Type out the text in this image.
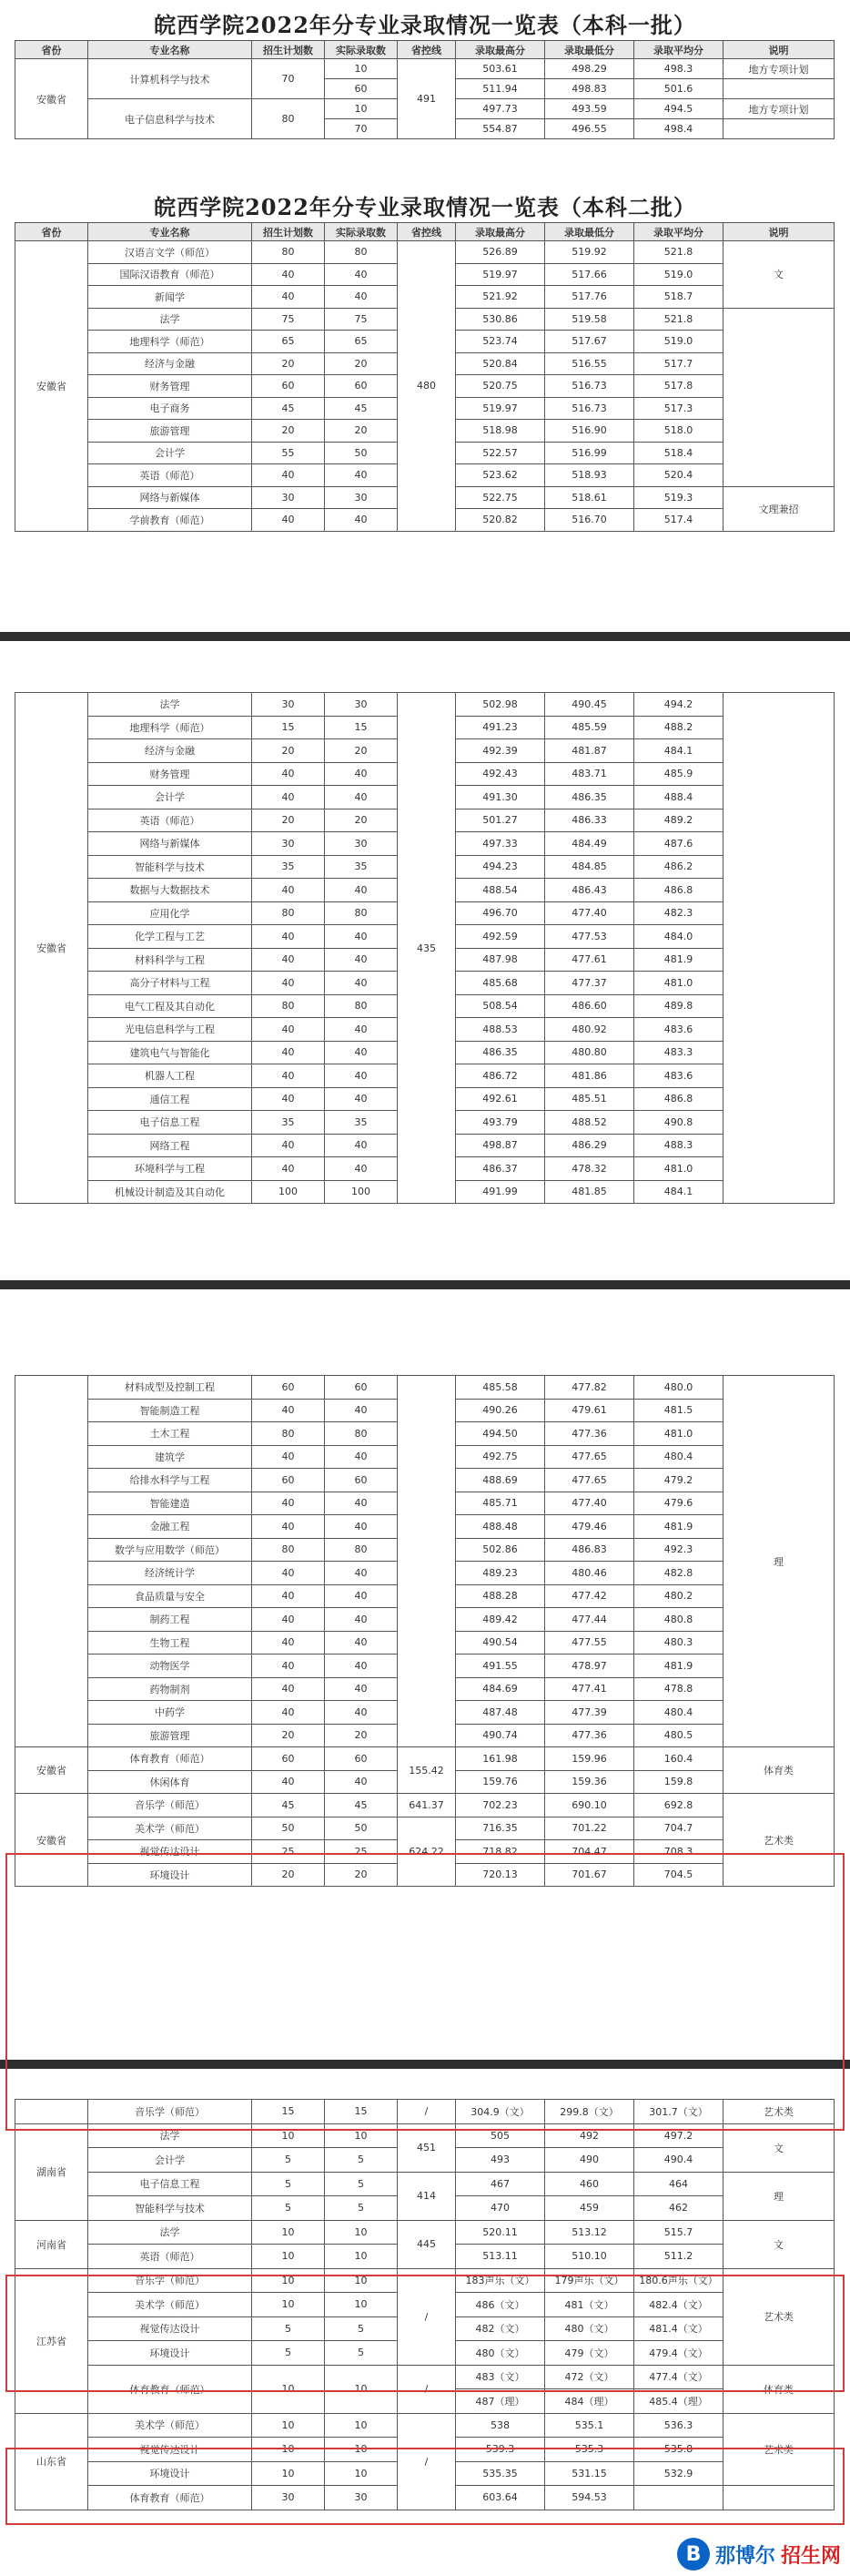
皖西学院2022年分专业录取情况一览表（本科一批）
省份	专业名称	招生计划数	实际录取数	省控线	录取最高分	录取最低分	录取平均分	说明
安徽省	计算机科学与技术	70	10	491	503.61	498.29	498.3	地方专项计划
			60		511.94	498.83	501.6	
	电子信息科学与技术	80	10		497.73	493.59	494.5	地方专项计划
			70		554.87	496.55	498.4	
皖西学院2022年分专业录取情况一览表（本科二批）
省份	专业名称	招生计划数	实际录取数	省控线	录取最高分	录取最低分	录取平均分	说明
安徽省	汉语言文学（师范）	80	80	480	526.89	519.92	521.8	文
	国际汉语教育（师范）	40	40		519.97	517.66	519.0	
	新闻学	40	40		521.92	517.76	518.7	
	法学	75	75		530.86	519.58	521.8	
	地理科学（师范）	65	65		523.74	517.67	519.0	
	经济与金融	20	20		520.84	516.55	517.7	
	财务管理	60	60		520.75	516.73	517.8	
	电子商务	45	45		519.97	516.73	517.3	
	旅游管理	20	20		518.98	516.90	518.0	
	会计学	55	50		522.57	516.99	518.4	
	英语（师范）	40	40		523.62	518.93	520.4	
	网络与新媒体	30	30		522.75	518.61	519.3	文理兼招
	学前教育（师范）	40	40		520.82	516.70	517.4	
安徽省	法学	30	30	435	502.98	490.45	494.2	
	地理科学（师范）	15	15		491.23	485.59	488.2	
	经济与金融	20	20		492.39	481.87	484.1	
	财务管理	40	40		492.43	483.71	485.9	
	会计学	40	40		491.30	486.35	488.4	
	英语（师范）	20	20		501.27	486.33	489.2	
	网络与新媒体	30	30		497.33	484.49	487.6	
	智能科学与技术	35	35		494.23	484.85	486.2	
	数据与大数据技术	40	40		488.54	486.43	486.8	
	应用化学	80	80		496.70	477.40	482.3	
	化学工程与工艺	40	40		492.59	477.53	484.0	
	材料科学与工程	40	40		487.98	477.61	481.9	
	高分子材料与工程	40	40		485.68	477.37	481.0	
	电气工程及其自动化	80	80		508.54	486.60	489.8	
	光电信息科学与工程	40	40		488.53	480.92	483.6	
	建筑电气与智能化	40	40		486.35	480.80	483.3	
	机器人工程	40	40		486.72	481.86	483.6	
	通信工程	40	40		492.61	485.51	486.8	
	电子信息工程	35	35		493.79	488.52	490.8	
	网络工程	40	40		498.87	486.29	488.3	
	环境科学与工程	40	40		486.37	478.32	481.0	
	机械设计制造及其自动化	100	100		491.99	481.85	484.1	
	材料成型及控制工程	60	60		485.58	477.82	480.0	理
	智能制造工程	40	40		490.26	479.61	481.5	
	土木工程	80	80		494.50	477.36	481.0	
	建筑学	40	40		492.75	477.65	480.4	
	给排水科学与工程	60	60		488.69	477.65	479.2	
	智能建造	40	40		485.71	477.40	479.6	
	金融工程	40	40		488.48	479.46	481.9	
	数学与应用数学（师范）	80	80		502.86	486.83	492.3	
	经济统计学	40	40		489.23	480.46	482.8	
	食品质量与安全	40	40		488.28	477.42	480.2	
	制药工程	40	40		489.42	477.44	480.8	
	生物工程	40	40		490.54	477.55	480.3	
	动物医学	40	40		491.55	478.97	481.9	
	药物制剂	40	40		484.69	477.41	478.8	
	中药学	40	40		487.48	477.39	480.4	
	旅游管理	20	20		490.74	477.36	480.5	
安徽省	体育教育（师范）	60	60	155.42	161.98	159.96	160.4	体育类
	休闲体育	40	40		159.76	159.36	159.8	
安徽省	音乐学（师范）	45	45	641.37	702.23	690.10	692.8	艺术类
	美术学（师范）	50	50	624.22	716.35	701.22	704.7	
	视觉传达设计	25	25		718.82	704.47	708.3	
	环境设计	20	20		720.13	701.67	704.5	
	音乐学（师范）	15	15	/	304.9（文）	299.8（文）	301.7（文）	艺术类
湖南省	法学	10	10	451	505	492	497.2	文
	会计学	5	5		493	490	490.4	
	电子信息工程	5	5	414	467	460	464	理
	智能科学与技术	5	5		470	459	462	
河南省	法学	10	10	445	520.11	513.12	515.7	文
	英语（师范）	10	10		513.11	510.10	511.2	
江苏省	音乐学（师范）	10	10	/	183声乐（文）	179声乐（文）	180.6声乐（文）	艺术类
	美术学（师范）	10	10		486（文）	481（文）	482.4（文）	
	视觉传达设计	5	5		482（文）	480（文）	481.4（文）	
	环境设计	5	5		480（文）	479（文）	479.4（文）	
	体育教育（师范）	10	10	/	483（文）	472（文）	477.4（文）	体育类
					487（理）	484（理）	485.4（理）	
山东省	美术学（师范）	10	10	/	538	535.1	536.3	艺术类
	视觉传达设计	10	10		539.3	535.3	535.8	
	环境设计	10	10		535.35	531.15	532.9	
	体育教育（师范）	30	30		603.64	594.53		
B 那博尔 招生网
